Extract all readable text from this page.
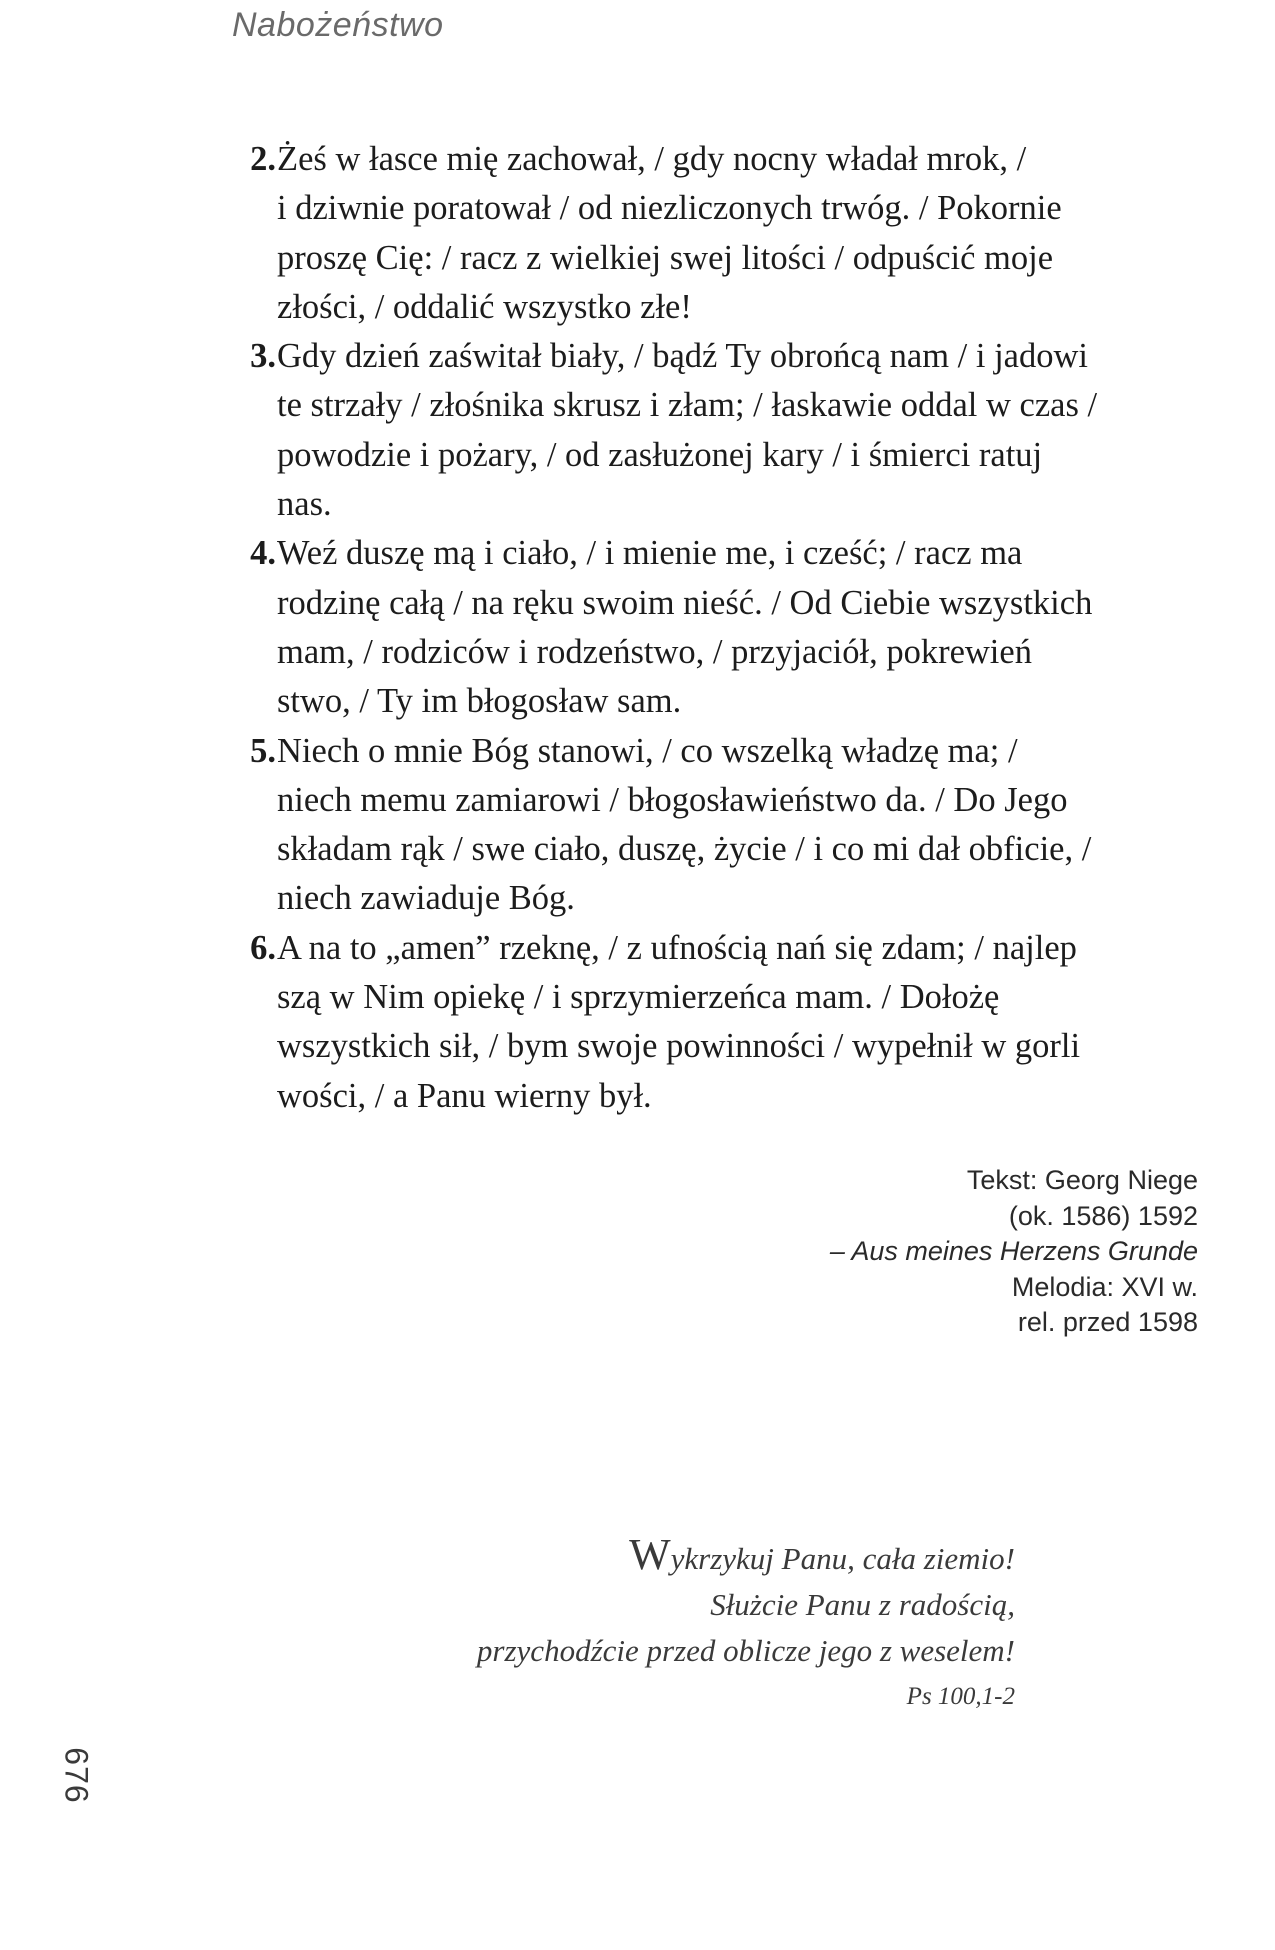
Nabożeństwo
2 . Żeś w łasce mię zachował, / gdy nocny władał mrok, /
i dziwnie poratował / od niezliczonych trwóg. / Pokornie
proszę Cię: / racz z wielkiej swej litości / odpuścić moje
złości, / oddalić wszystko złe!
3 . Gdy dzień zaświtał biały, / bądź Ty obrońcą nam / i jadowi
te strzały / złośnika skrusz i złam; / łaskawie oddal w czas /
powodzie i pożary, / od zasłużonej kary / i śmierci ratuj
nas.
4 . Weź duszę mą i ciało, / i mienie me, i cześć; / racz ma
rodzinę całą / na ręku swoim nieść. / Od Ciebie wszystkich
mam, / rodziców i rodzeństwo, / przyjaciół, pokrewień
stwo, / Ty im błogosław sam.
5 . Niech o mnie Bóg stanowi, / co wszelką władzę ma; /
niech memu zamiarowi / błogosławieństwo da. / Do Jego
składam rąk / swe ciało, duszę, życie / i co mi dał obficie, /
niech zawiaduje Bóg.
6 . A na to „amen” rzeknę, / z ufnością nań się zdam; / najlep
szą w Nim opiekę / i sprzymierzeńca mam. / Dołożę
wszystkich sił, / bym swoje powinności / wypełnił w gorli
wości, / a Panu wierny był.
Tekst: Georg Niege
(ok. 1586) 1592
– Aus meines Herzens Grunde
Melodia: XVI w.
rel. przed 1598
Wykrzykuj Panu, cała ziemio!
Służcie Panu z radością,
przychodźcie przed oblicze jego z weselem!
Ps 100,1-2
676
